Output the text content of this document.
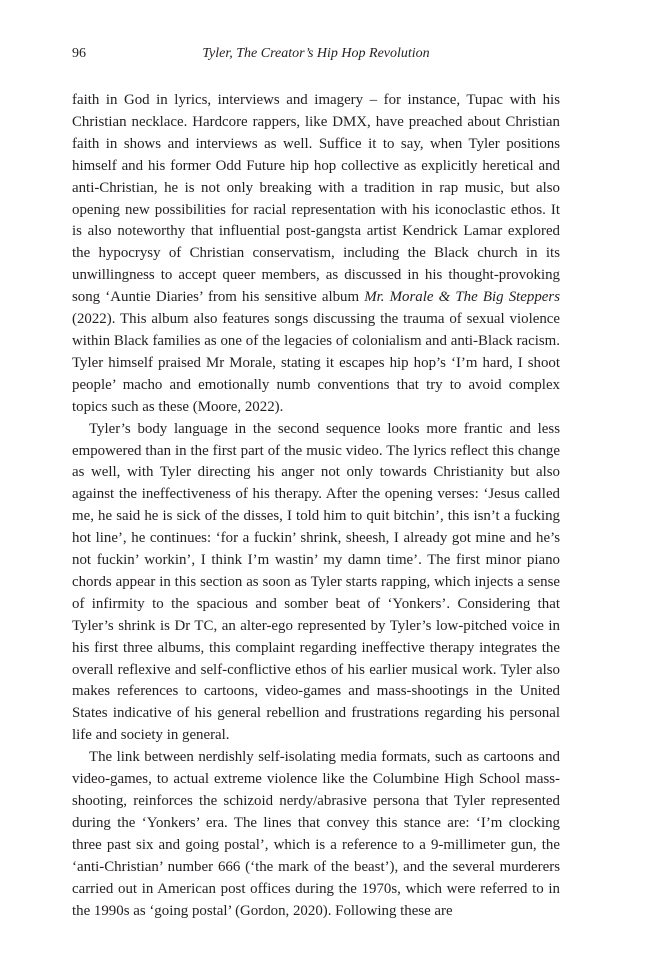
96	Tyler, The Creator’s Hip Hop Revolution

faith in God in lyrics, interviews and imagery – for instance, Tupac with his Christian necklace. Hardcore rappers, like DMX, have preached about Christian faith in shows and interviews as well. Suffice it to say, when Tyler positions himself and his former Odd Future hip hop collective as explicitly heretical and anti-Christian, he is not only breaking with a tradition in rap music, but also opening new possibilities for racial representation with his iconoclastic ethos. It is also noteworthy that influential post-gangsta artist Kendrick Lamar explored the hypocrysy of Christian conservatism, including the Black church in its unwillingness to accept queer members, as discussed in his thought-provoking song ‘Auntie Diaries’ from his sensitive album Mr. Morale & The Big Steppers (2022). This album also features songs discussing the trauma of sexual violence within Black families as one of the legacies of colonialism and anti-Black racism. Tyler himself praised Mr Morale, stating it escapes hip hop’s ‘I’m hard, I shoot people’ macho and emotionally numb conventions that try to avoid complex topics such as these (Moore, 2022).

Tyler’s body language in the second sequence looks more frantic and less empowered than in the first part of the music video. The lyrics reflect this change as well, with Tyler directing his anger not only towards Christianity but also against the ineffectiveness of his therapy. After the opening verses: ‘Jesus called me, he said he is sick of the disses, I told him to quit bitchin’, this isn’t a fucking hot line’, he continues: ‘for a fuckin’ shrink, sheesh, I already got mine and he’s not fuckin’ workin’, I think I’m wastin’ my damn time’. The first minor piano chords appear in this section as soon as Tyler starts rapping, which injects a sense of infirmity to the spacious and somber beat of ‘Yonkers’. Considering that Tyler’s shrink is Dr TC, an alter-ego represented by Tyler’s low-pitched voice in his first three albums, this complaint regarding ineffective therapy integrates the overall reflexive and self-conflictive ethos of his earlier musical work. Tyler also makes references to cartoons, video-games and mass-shootings in the United States indicative of his general rebellion and frustrations regarding his personal life and society in general.

The link between nerdishly self-isolating media formats, such as cartoons and video-games, to actual extreme violence like the Columbine High School mass-shooting, reinforces the schizoid nerdy/abrasive persona that Tyler represented during the ‘Yonkers’ era. The lines that convey this stance are: ‘I’m clocking three past six and going postal’, which is a reference to a 9-millimeter gun, the ‘anti-Christian’ number 666 (‘the mark of the beast’), and the several murderers carried out in American post offices during the 1970s, which were referred to in the 1990s as ‘going postal’ (Gordon, 2020). Following these are
